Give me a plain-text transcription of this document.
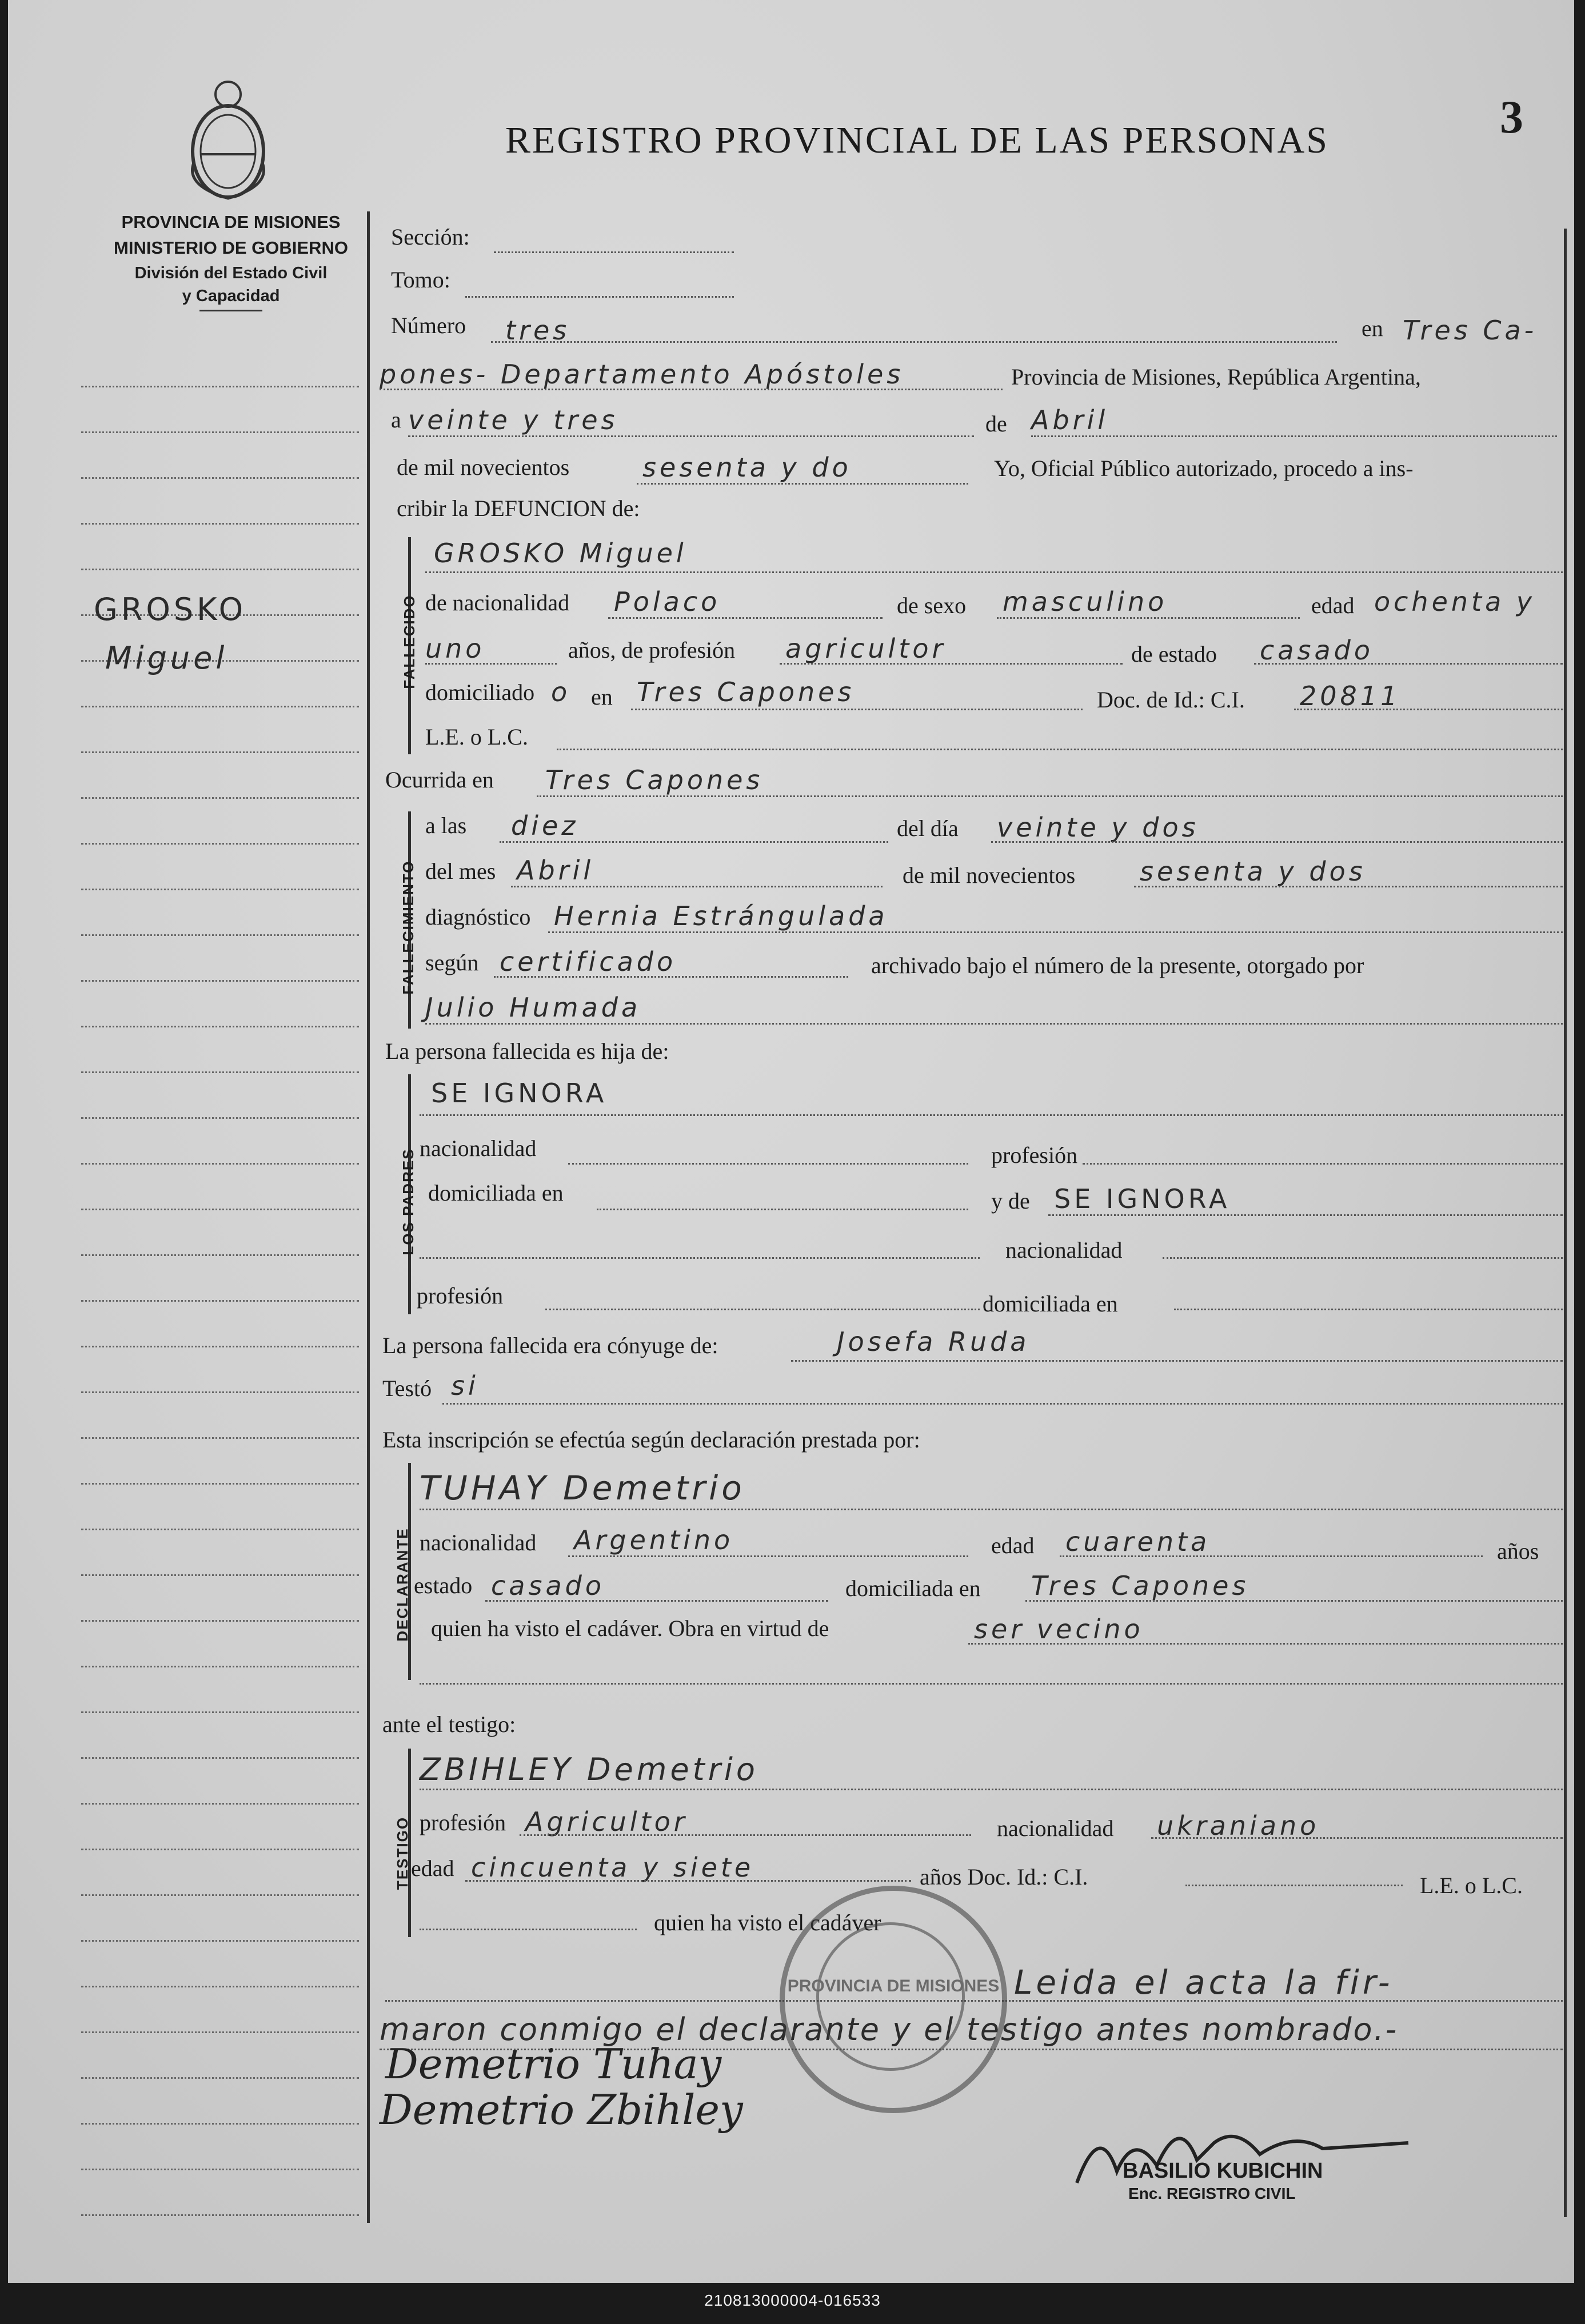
PROVINCIA DE MISIONES
MINISTERIO DE GOBIERNO
División del Estado Civil
y Capacidad
REGISTRO PROVINCIAL DE LAS PERSONAS	3
GROSKO
Miguel
Sección:
Tomo:
Número tres	en Tres Ca-
pones- Departamento Apóstoles	Provincia de Misiones, República Argentina,
a veinte y tres	de Abril
de mil novecientos	sesenta y do	Yo, Oficial Público autorizado, procedo a ins-
cribir la DEFUNCION de:
FALLECIDO
GROSKO Miguel
de nacionalidad Polaco	de sexo masculino	edad ochenta y
uno	años, de profesión agricultor	de estado casado
domiciliado o en Tres Capones	Doc. de Id.: C.I. 20811
L.E. o L.C.
Ocurrida en Tres Capones
FALLECIMIENTO
a las diez	del día veinte y dos
del mes Abril	de mil novecientos sesenta y dos
diagnóstico Hernia Estrángulada
según certificado	archivado bajo el número de la presente, otorgado por
Julio Humada
La persona fallecida es hija de:
LOS PADRES
SE IGNORA
nacionalidad	profesión
domiciliada en	y de SE IGNORA
nacionalidad
profesión	domiciliada en
La persona fallecida era cónyuge de:	Josefa Ruda
Testó si
Esta inscripción se efectúa según declaración prestada por:
DECLARANTE
TUHAY Demetrio
nacionalidad Argentino	edad cuarenta	años
estado casado	domiciliada en Tres Capones
quien ha visto el cadáver. Obra en virtud de	ser vecino
ante el testigo:
TESTIGO
ZBIHLEY Demetrio
profesión Agricultor	nacionalidad ukraniano
edad cincuenta y siete	años Doc. Id.: C.I.	L.E. o L.C.
quien ha visto el cadáver
Leida el acta la fir-
maron conmigo el declarante y el testigo antes nombrado.-
Demetrio Tuhay
Demetrio Zbihley
PROVINCIA DE MISIONES
BASILIO KUBICHIN
Enc. REGISTRO CIVIL
210813000004-016533
